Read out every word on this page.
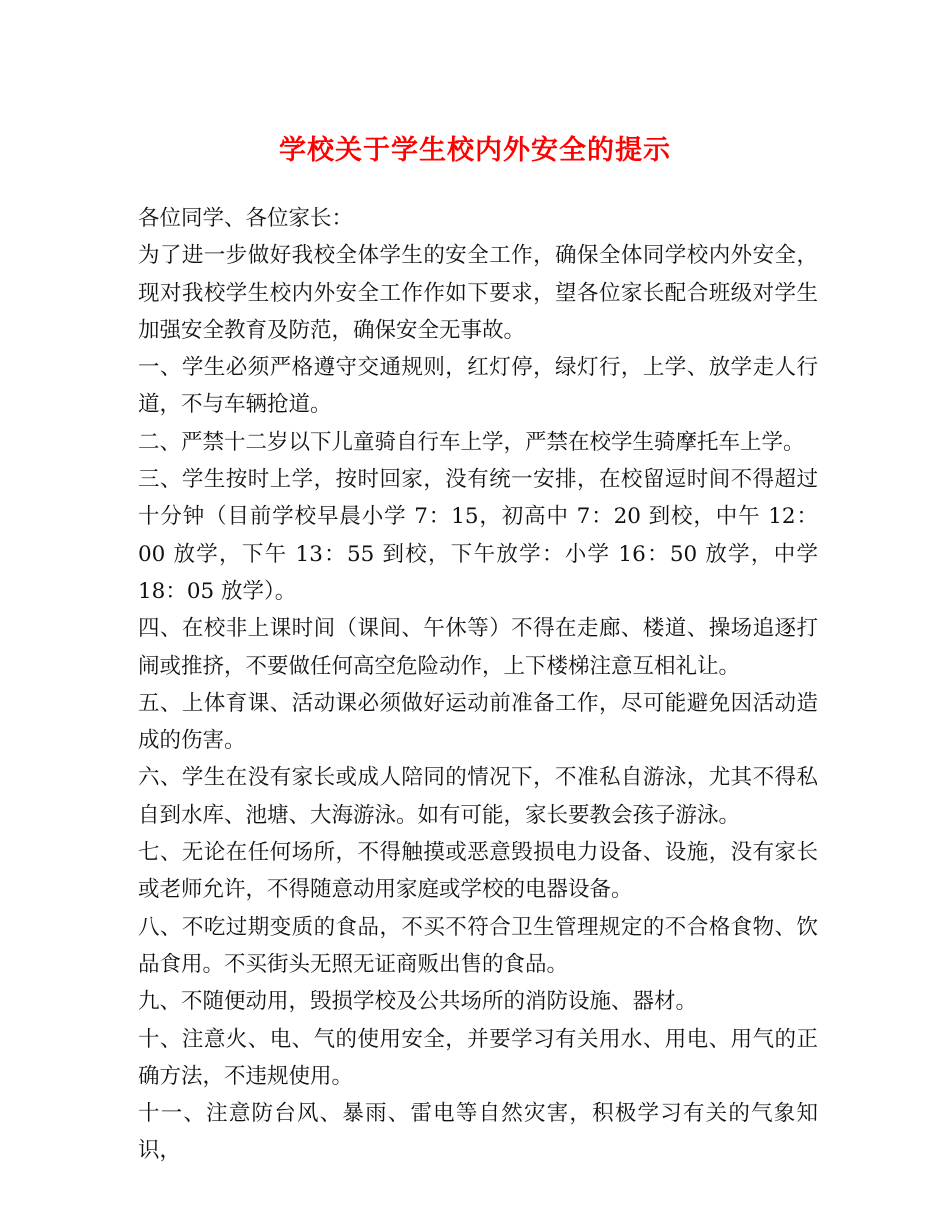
学校关于学生校内外安全的提示

各位同学、各位家长：

为了进一步做好我校全体学生的安全工作，确保全体同学校内外安全，现对我校学生校内外安全工作作如下要求，望各位家长配合班级对学生加强安全教育及防范，确保安全无事故。

一、学生必须严格遵守交通规则，红灯停，绿灯行，上学、放学走人行道，不与车辆抢道。

二、严禁十二岁以下儿童骑自行车上学，严禁在校学生骑摩托车上学。

三、学生按时上学，按时回家，没有统一安排，在校留逗时间不得超过十分钟（目前学校早晨小学 7：15，初高中 7：20 到校，中午 12：00 放学，下午 13：55 到校，下午放学：小学 16：50 放学，中学 18：05 放学）。

四、在校非上课时间（课间、午休等）不得在走廊、楼道、操场追逐打闹或推挤，不要做任何高空危险动作，上下楼梯注意互相礼让。

五、上体育课、活动课必须做好运动前准备工作，尽可能避免因活动造成的伤害。

六、学生在没有家长或成人陪同的情况下，不准私自游泳，尤其不得私自到水库、池塘、大海游泳。如有可能，家长要教会孩子游泳。

七、无论在任何场所，不得触摸或恶意毁损电力设备、设施，没有家长或老师允许，不得随意动用家庭或学校的电器设备。

八、不吃过期变质的食品，不买不符合卫生管理规定的不合格食物、饮品食用。不买街头无照无证商贩出售的食品。

九、不随便动用，毁损学校及公共场所的消防设施、器材。

十、注意火、电、气的使用安全，并要学习有关用水、用电、用气的正确方法，不违规使用。

十一、注意防台风、暴雨、雷电等自然灾害，积极学习有关的气象知识，
